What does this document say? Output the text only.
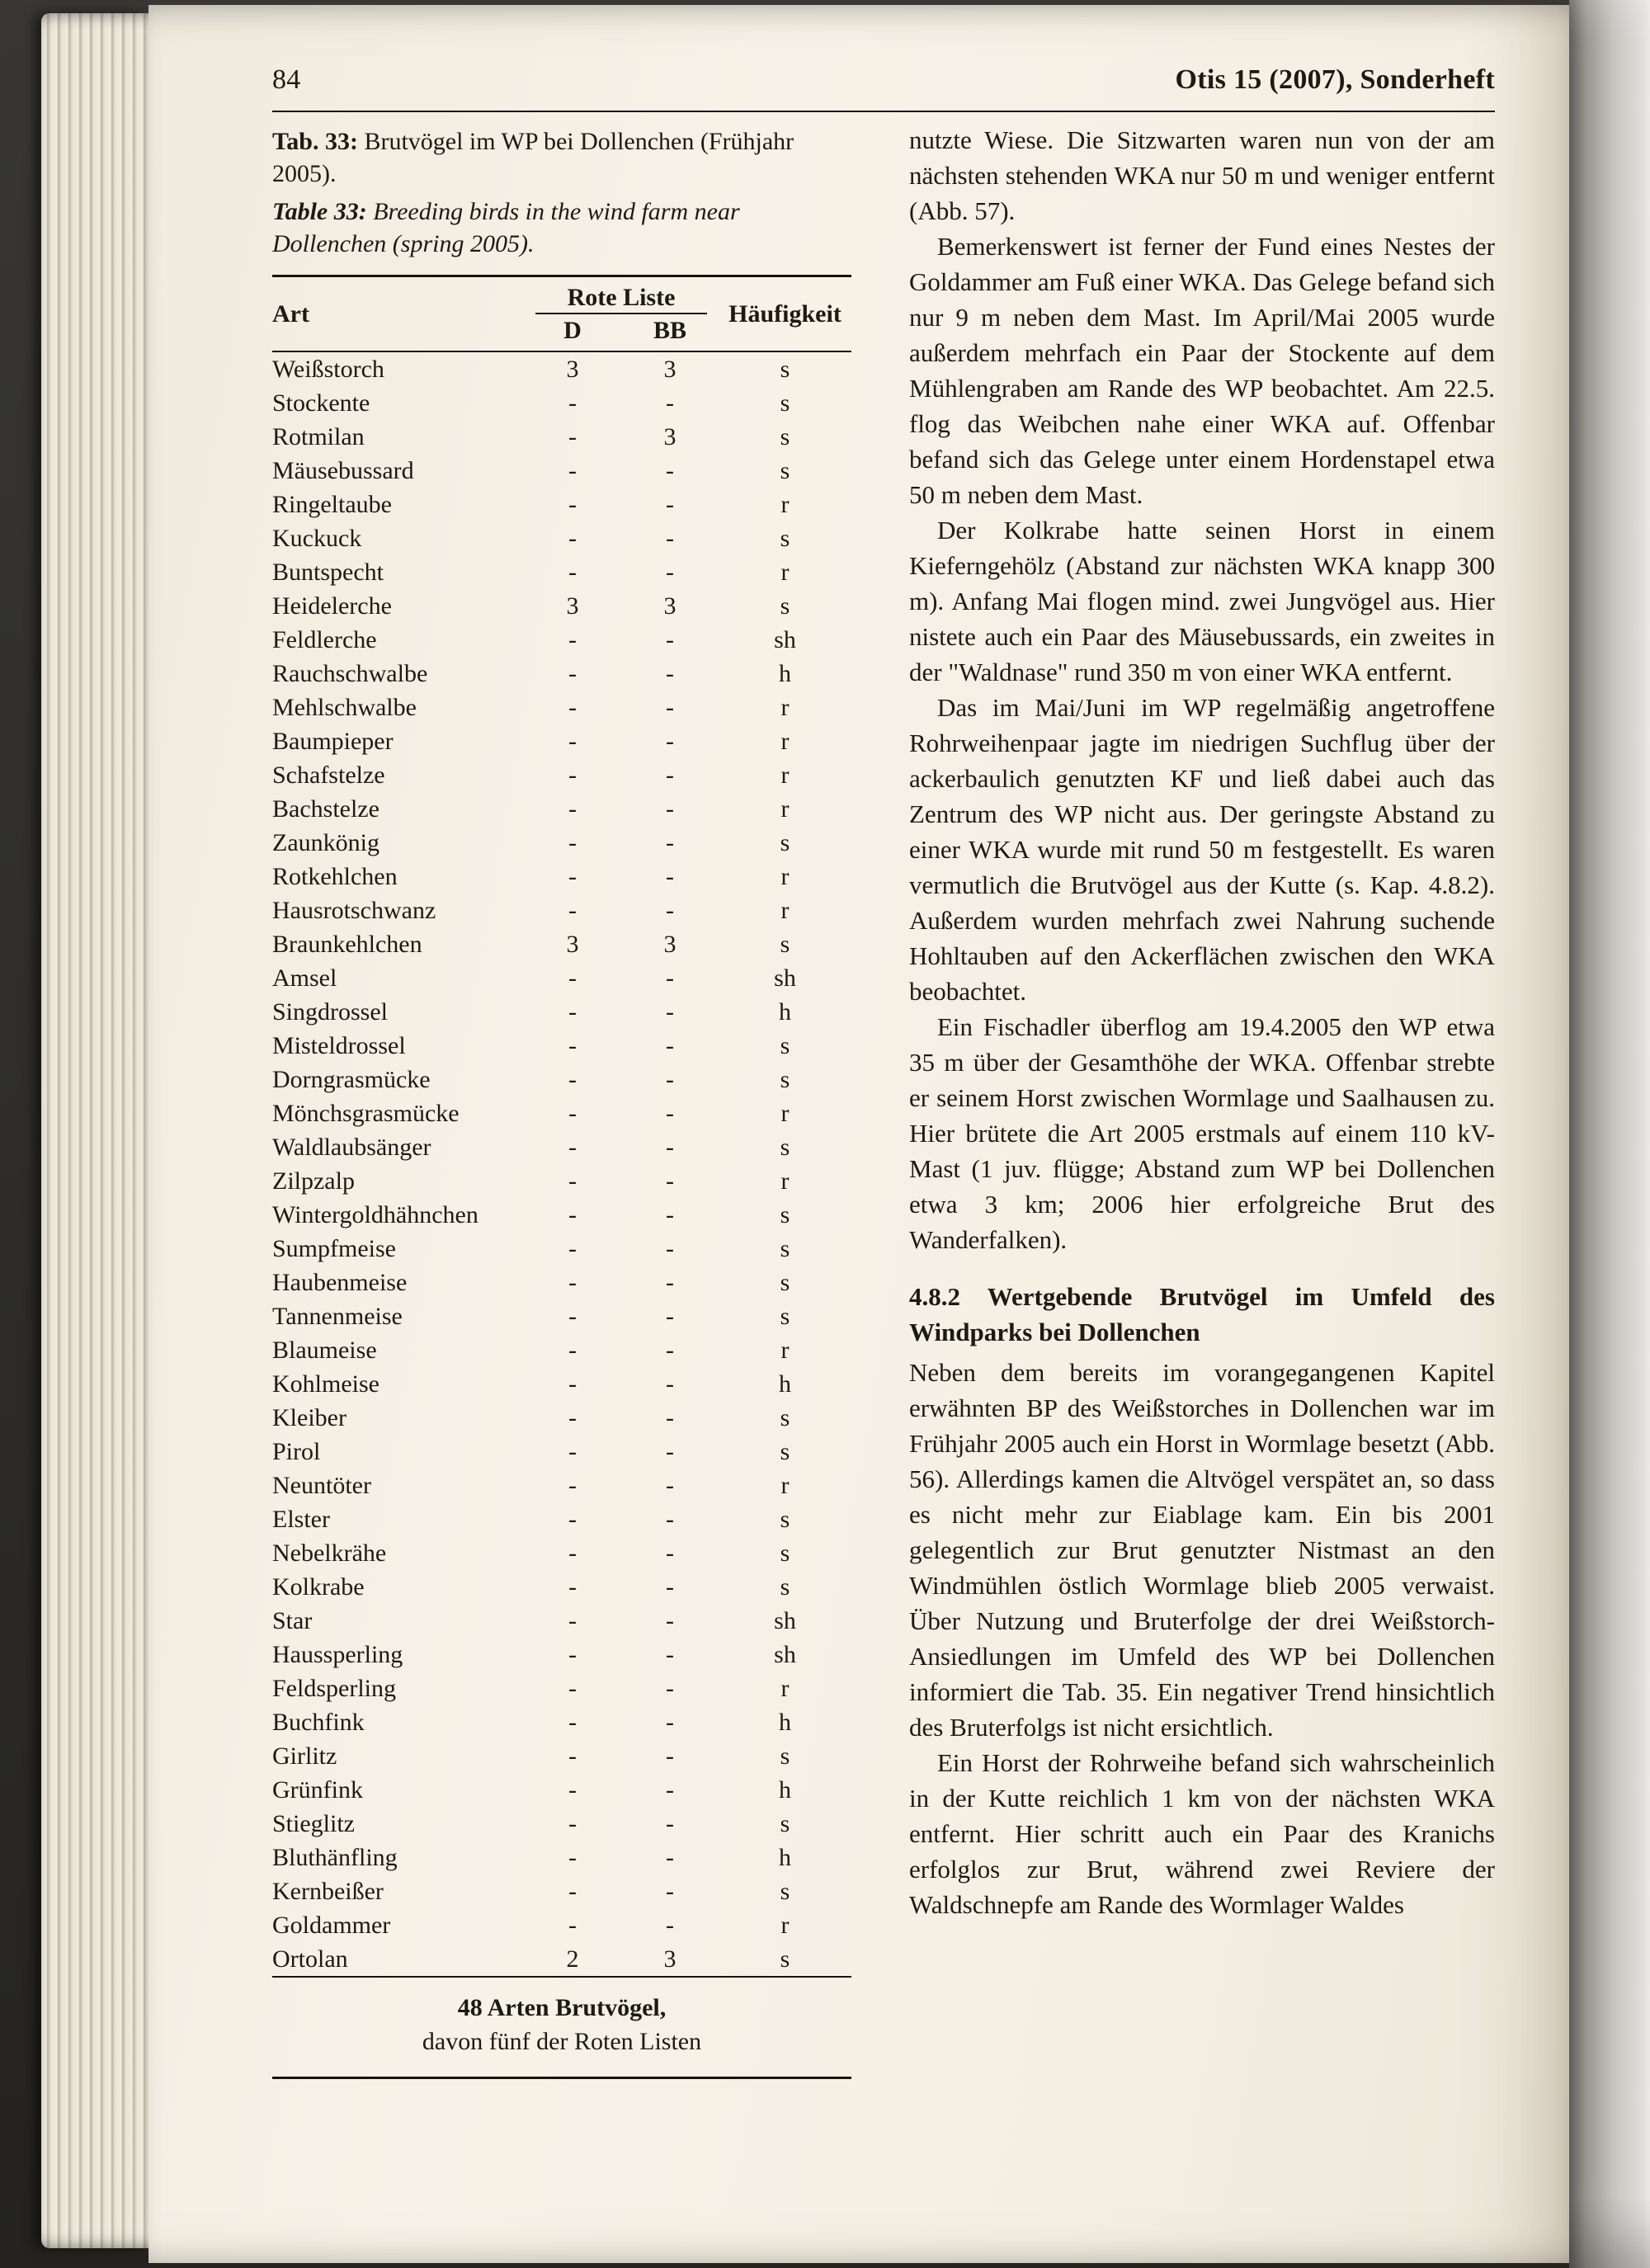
84	Otis 15 (2007), Sonderheft

Tab. 33: Brutvögel im WP bei Dollenchen (Frühjahr 2005).

Table 33: Breeding birds in the wind farm near Dollenchen (spring 2005).

Art	Rote Liste		Häufigkeit
	D	BB	
Weißstorch	3	3	s
Stockente	-	-	s
Rotmilan	-	3	s
Mäusebussard	-	-	s
Ringeltaube	-	-	r
Kuckuck	-	-	s
Buntspecht	-	-	r
Heidelerche	3	3	s
Feldlerche	-	-	sh
Rauchschwalbe	-	-	h
Mehlschwalbe	-	-	r
Baumpieper	-	-	r
Schafstelze	-	-	r
Bachstelze	-	-	r
Zaunkönig	-	-	s
Rotkehlchen	-	-	r
Hausrotschwanz	-	-	r
Braunkehlchen	3	3	s
Amsel	-	-	sh
Singdrossel	-	-	h
Misteldrossel	-	-	s
Dorngrasmücke	-	-	s
Mönchsgrasmücke	-	-	r
Waldlaubsänger	-	-	s
Zilpzalp	-	-	r
Wintergoldhähnchen	-	-	s
Sumpfmeise	-	-	s
Haubenmeise	-	-	s
Tannenmeise	-	-	s
Blaumeise	-	-	r
Kohlmeise	-	-	h
Kleiber	-	-	s
Pirol	-	-	s
Neuntöter	-	-	r
Elster	-	-	s
Nebelkrähe	-	-	s
Kolkrabe	-	-	s
Star	-	-	sh
Haussperling	-	-	sh
Feldsperling	-	-	r
Buchfink	-	-	h
Girlitz	-	-	s
Grünfink	-	-	h
Stieglitz	-	-	s
Bluthänfling	-	-	h
Kernbeißer	-	-	s
Goldammer	-	-	r
Ortolan	2	3	s
48 Arten Brutvögel,
davon fünf der Roten Listen

nutzte Wiese. Die Sitzwarten waren nun von der am nächsten stehenden WKA nur 50 m und weniger entfernt (Abb. 57).

Bemerkenswert ist ferner der Fund eines Nestes der Goldammer am Fuß einer WKA. Das Gelege befand sich nur 9 m neben dem Mast. Im April/Mai 2005 wurde außerdem mehrfach ein Paar der Stockente auf dem Mühlengraben am Rande des WP beobachtet. Am 22.5. flog das Weibchen nahe einer WKA auf. Offenbar befand sich das Gelege unter einem Hordenstapel etwa 50 m neben dem Mast.

Der Kolkrabe hatte seinen Horst in einem Kieferngehölz (Abstand zur nächsten WKA knapp 300 m). Anfang Mai flogen mind. zwei Jungvögel aus. Hier nistete auch ein Paar des Mäusebussards, ein zweites in der "Waldnase" rund 350 m von einer WKA entfernt.

Das im Mai/Juni im WP regelmäßig angetroffene Rohrweihenpaar jagte im niedrigen Suchflug über der ackerbaulich genutzten KF und ließ dabei auch das Zentrum des WP nicht aus. Der geringste Abstand zu einer WKA wurde mit rund 50 m festgestellt. Es waren vermutlich die Brutvögel aus der Kutte (s. Kap. 4.8.2). Außerdem wurden mehrfach zwei Nahrung suchende Hohltauben auf den Ackerflächen zwischen den WKA beobachtet.

Ein Fischadler überflog am 19.4.2005 den WP etwa 35 m über der Gesamthöhe der WKA. Offenbar strebte er seinem Horst zwischen Wormlage und Saalhausen zu. Hier brütete die Art 2005 erstmals auf einem 110 kV-Mast (1 juv. flügge; Abstand zum WP bei Dollenchen etwa 3 km; 2006 hier erfolgreiche Brut des Wanderfalken).

4.8.2 Wertgebende Brutvögel im Umfeld des Windparks bei Dollenchen

Neben dem bereits im vorangegangenen Kapitel erwähnten BP des Weißstorches in Dollenchen war im Frühjahr 2005 auch ein Horst in Wormlage besetzt (Abb. 56). Allerdings kamen die Altvögel verspätet an, so dass es nicht mehr zur Eiablage kam. Ein bis 2001 gelegentlich zur Brut genutzter Nistmast an den Windmühlen östlich Wormlage blieb 2005 verwaist. Über Nutzung und Bruterfolge der drei Weißstorch-Ansiedlungen im Umfeld des WP bei Dollenchen informiert die Tab. 35. Ein negativer Trend hinsichtlich des Bruterfolgs ist nicht ersichtlich.

Ein Horst der Rohrweihe befand sich wahrscheinlich in der Kutte reichlich 1 km von der nächsten WKA entfernt. Hier schritt auch ein Paar des Kranichs erfolglos zur Brut, während zwei Reviere der Waldschnepfe am Rande des Wormlager Waldes
